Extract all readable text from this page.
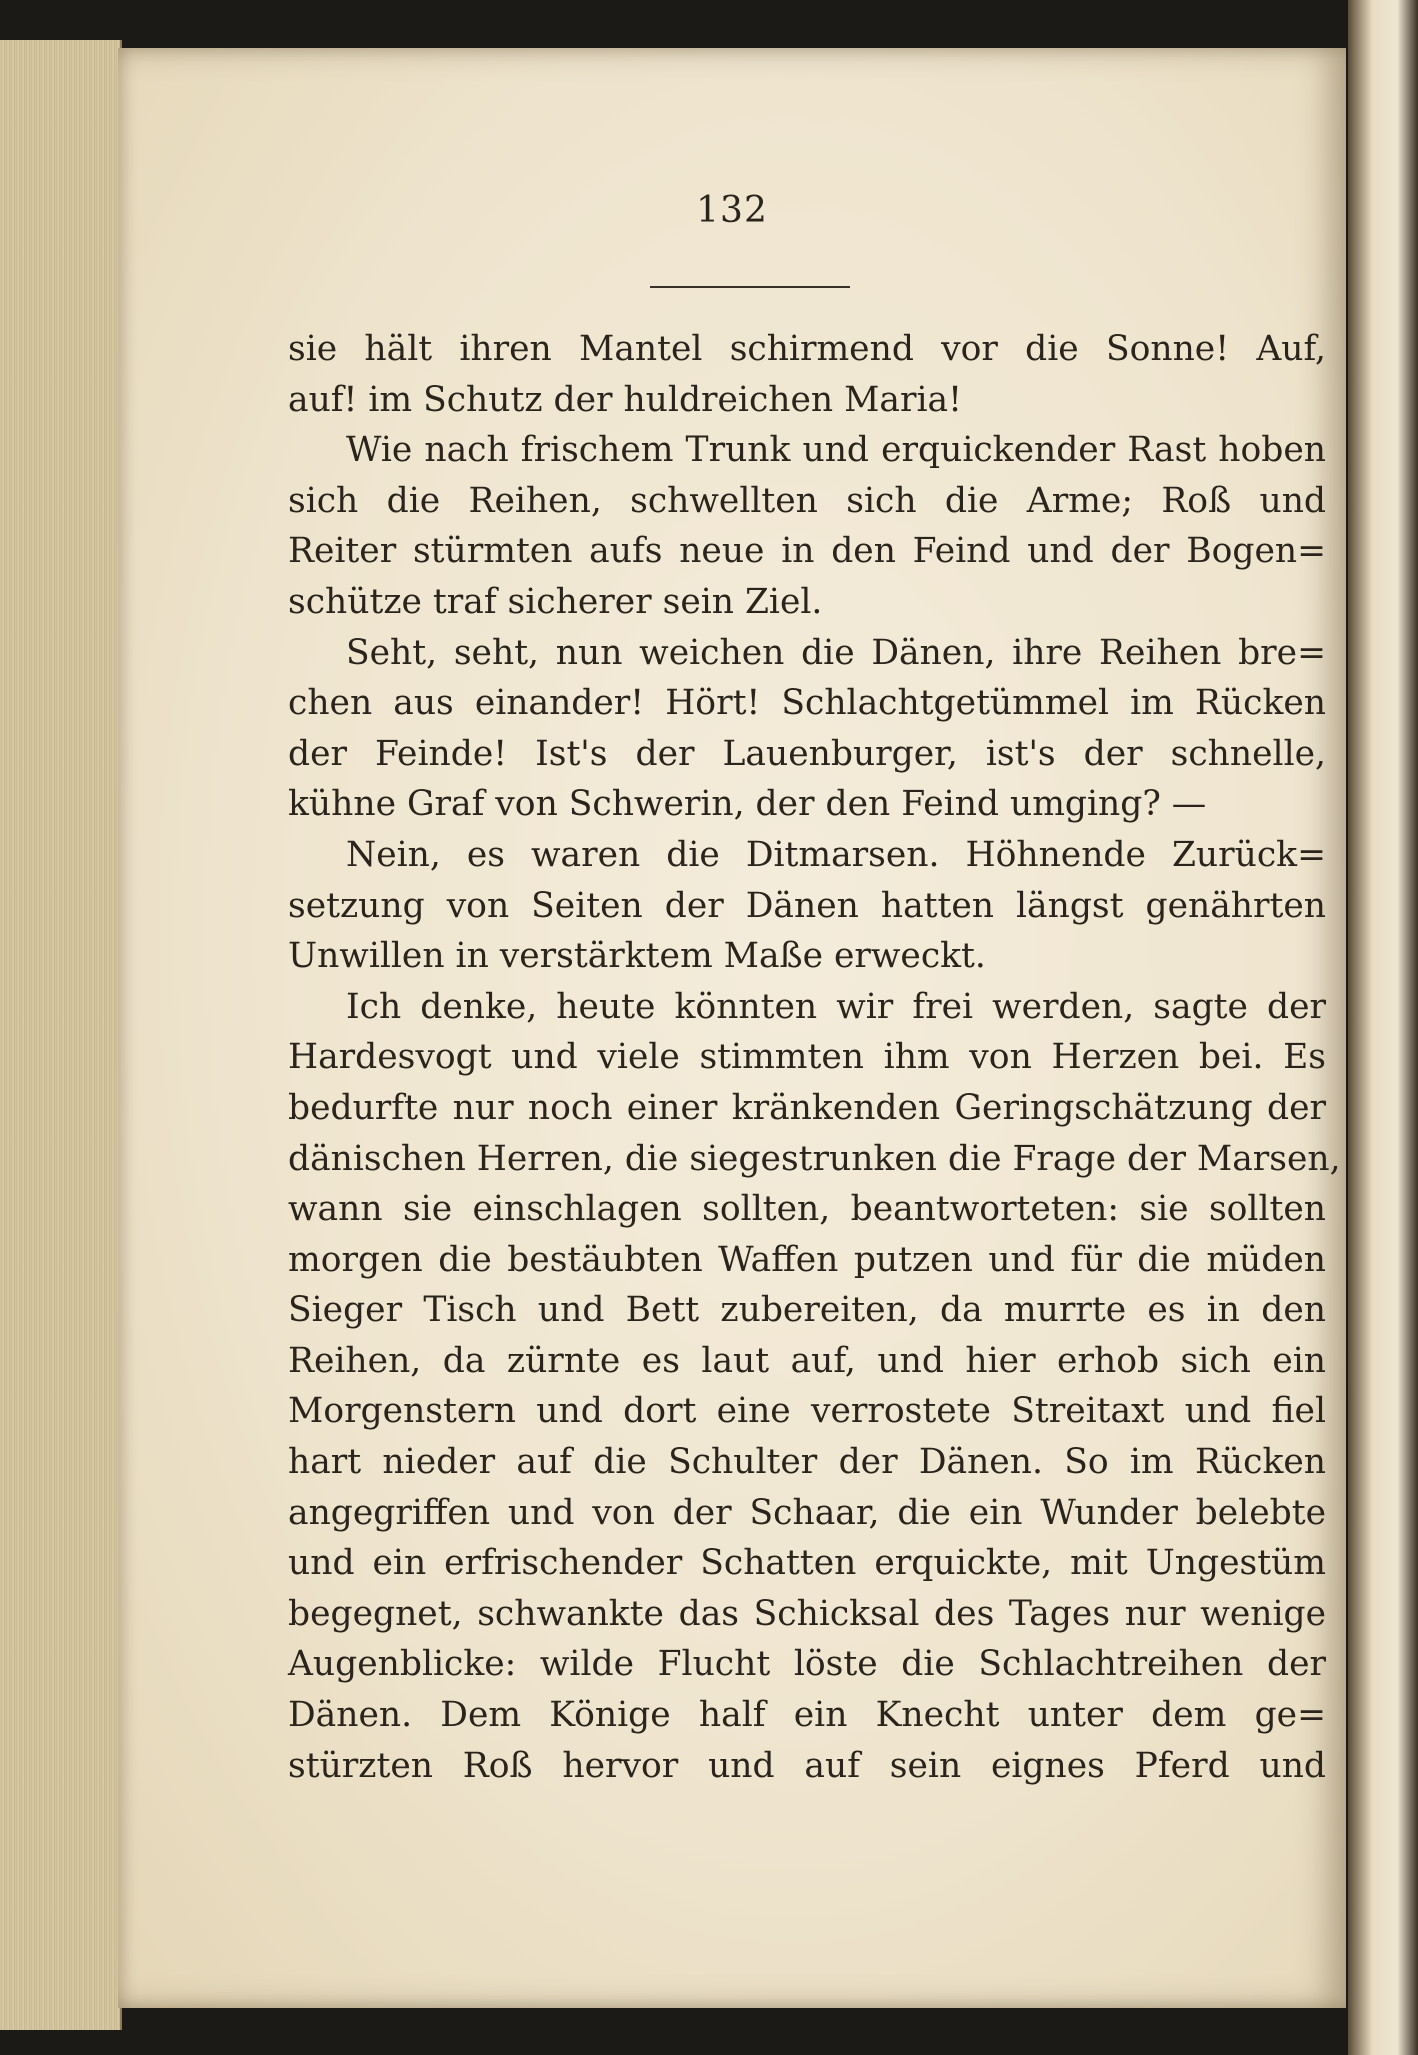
132
sie hält ihren Mantel schirmend vor die Sonne! Auf,
auf! im Schutz der huldreichen Maria!
Wie nach frischem Trunk und erquickender Rast hoben
sich die Reihen, schwellten sich die Arme; Roß und
Reiter stürmten aufs neue in den Feind und der Bogen=
schütze traf sicherer sein Ziel.
Seht, seht, nun weichen die Dänen, ihre Reihen bre=
chen aus einander! Hört! Schlachtgetümmel im Rücken
der Feinde! Ist's der Lauenburger, ist's der schnelle,
kühne Graf von Schwerin, der den Feind umging? —
Nein, es waren die Ditmarsen. Höhnende Zurück=
setzung von Seiten der Dänen hatten längst genährten
Unwillen in verstärktem Maße erweckt.
Ich denke, heute könnten wir frei werden, sagte der
Hardesvogt und viele stimmten ihm von Herzen bei. Es
bedurfte nur noch einer kränkenden Geringschätzung der
dänischen Herren, die siegestrunken die Frage der Marsen,
wann sie einschlagen sollten, beantworteten: sie sollten
morgen die bestäubten Waffen putzen und für die müden
Sieger Tisch und Bett zubereiten, da murrte es in den
Reihen, da zürnte es laut auf, und hier erhob sich ein
Morgenstern und dort eine verrostete Streitaxt und fiel
hart nieder auf die Schulter der Dänen. So im Rücken
angegriffen und von der Schaar, die ein Wunder belebte
und ein erfrischender Schatten erquickte, mit Ungestüm
begegnet, schwankte das Schicksal des Tages nur wenige
Augenblicke: wilde Flucht löste die Schlachtreihen der
Dänen. Dem Könige half ein Knecht unter dem ge=
stürzten Roß hervor und auf sein eignes Pferd und
